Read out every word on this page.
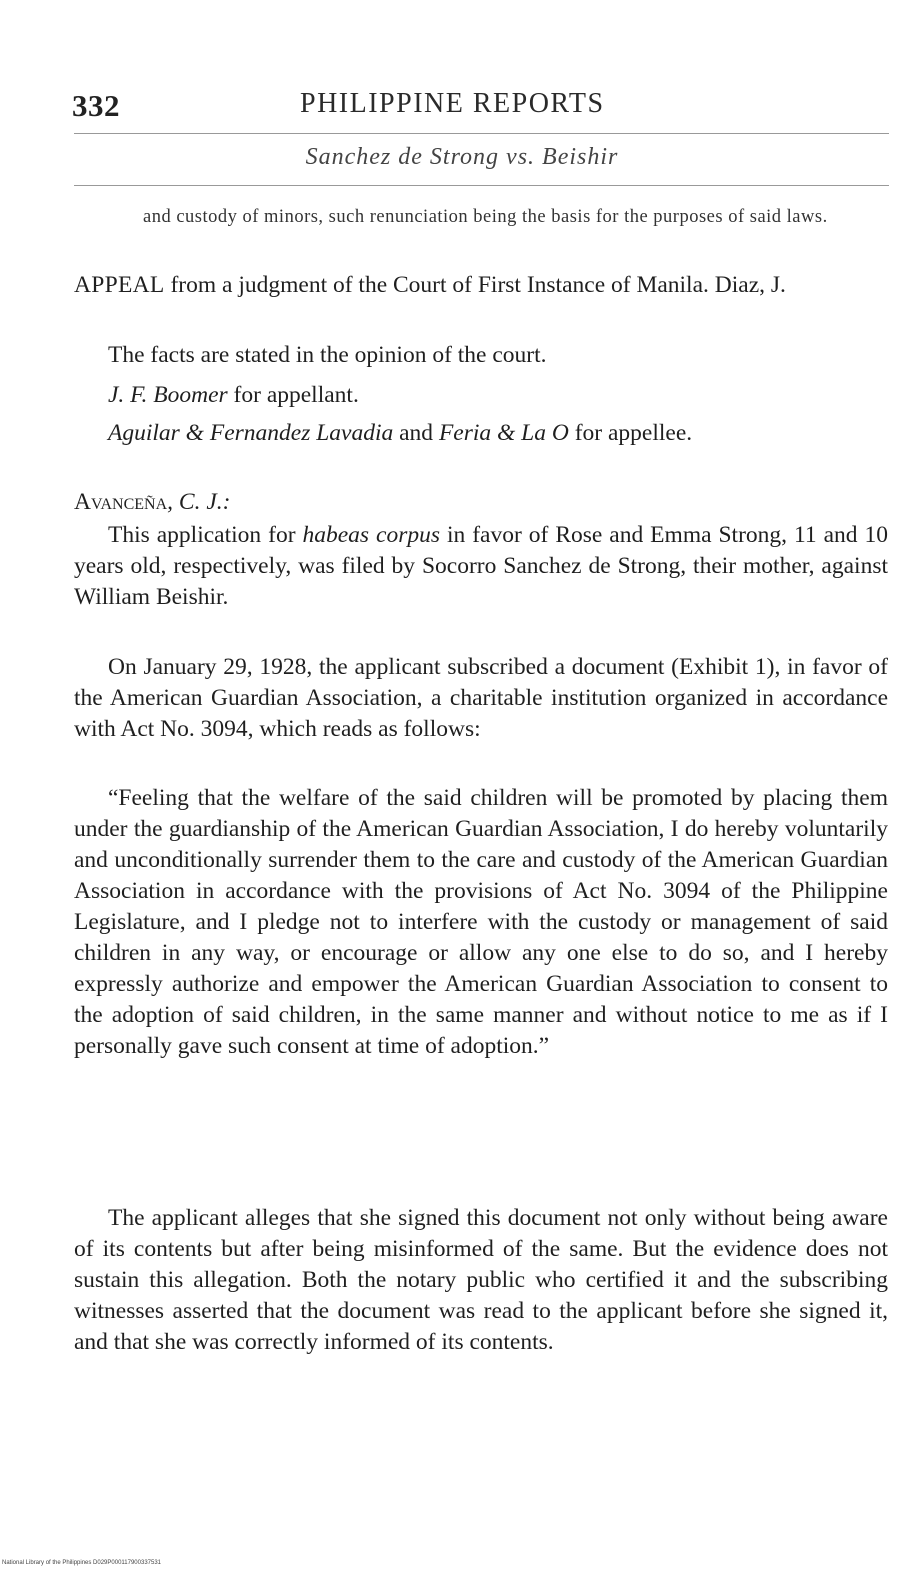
332	PHILIPPINE REPORTS
Sanchez de Strong vs. Beishir
and custody of minors, such renunciation being the basis for the purposes of said laws.
APPEAL from a judgment of the Court of First Instance of Manila. Diaz, J.
The facts are stated in the opinion of the court.
J. F. Boomer for appellant.
Aguilar & Fernandez Lavadia and Feria & La O for appellee.
Avanceña, C. J.:
This application for habeas corpus in favor of Rose and Emma Strong, 11 and 10 years old, respectively, was filed by Socorro Sanchez de Strong, their mother, against William Beishir.
On January 29, 1928, the applicant subscribed a document (Exhibit 1), in favor of the American Guardian Association, a charitable institution organized in accordance with Act No. 3094, which reads as follows:
“Feeling that the welfare of the said children will be promoted by placing them under the guardianship of the American Guardian Association, I do hereby voluntarily and unconditionally surrender them to the care and custody of the American Guardian Association in accordance with the provisions of Act No. 3094 of the Philippine Legislature, and I pledge not to interfere with the custody or management of said children in any way, or encourage or allow any one else to do so, and I hereby expressly authorize and empower the American Guardian Association to consent to the adoption of said children, in the same manner and without notice to me as if I personally gave such consent at time of adoption.”
The applicant alleges that she signed this document not only without being aware of its contents but after being misinformed of the same. But the evidence does not sustain this allegation. Both the notary public who certified it and the subscribing witnesses asserted that the document was read to the applicant before she signed it, and that she was correctly informed of its contents.
National Library of the Philippines D029P000117900337531
